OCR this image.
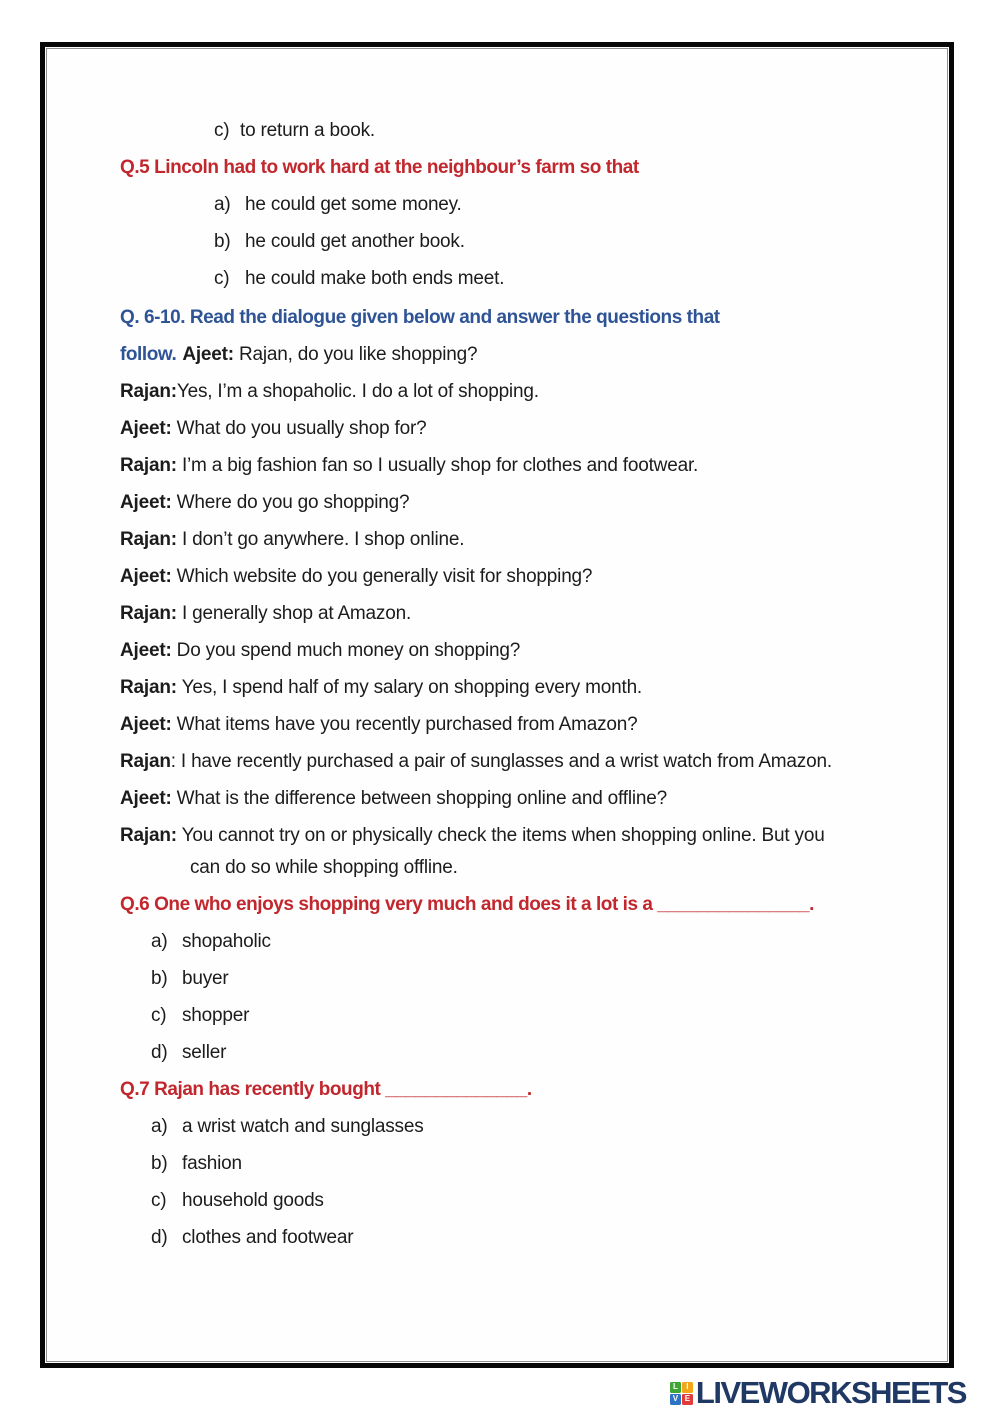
c) to return a book.

Q.5 Lincoln had to work hard at the neighbour’s farm so that

a) he could get some money.

b) he could get another book.

c) he could make both ends meet.

Q. 6-10. Read the dialogue given below and answer the questions that

follow. Ajeet: Rajan, do you like shopping?

Rajan:Yes, I’m a shopaholic. I do a lot of shopping.

Ajeet: What do you usually shop for?

Rajan: I’m a big fashion fan so I usually shop for clothes and footwear.

Ajeet: Where do you go shopping?

Rajan: I don’t go anywhere. I shop online.

Ajeet: Which website do you generally visit for shopping?

Rajan: I generally shop at Amazon.

Ajeet: Do you spend much money on shopping?

Rajan: Yes, I spend half of my salary on shopping every month.

Ajeet: What items have you recently purchased from Amazon?

Rajan: I have recently purchased a pair of sunglasses and a wrist watch from Amazon.

Ajeet: What is the difference between shopping online and offline?

Rajan: You cannot try on or physically check the items when shopping online. But you
can do so while shopping offline.

Q.6 One who enjoys shopping very much and does it a lot is a _______________.

a) shopaholic

b) buyer

c) shopper

d) seller

Q.7 Rajan has recently bought ______________.

a) a wrist watch and sunglasses

b) fashion

c) household goods

d) clothes and footwear

L	I
V E LIVEWORKSHEETS
